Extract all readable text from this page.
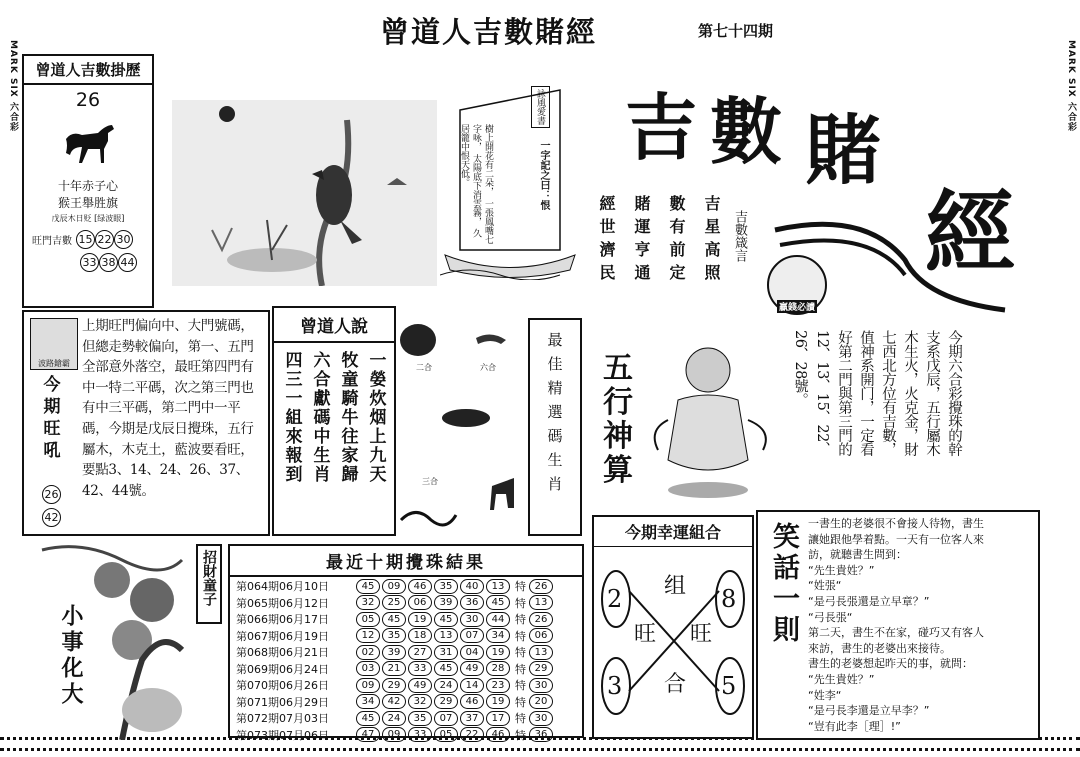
曾道人吉數賭經	第七十四期
MARK SIX 六合彩	MARK SIX 六合彩
曾道人吉數掛歷
26
十年赤子心
猴王舉胜旗
戊辰木日贬 [绿波眼]
旺門吉數 15 22 30
33 38 44
詠風愛書
樹上開花有二朵， 一張鳳嘴七字咏， 太陽底下消雲霧， 久居籠中恨天低。	一字記之曰：恨
吉 數 賭
經
吉數箴言
贏錢必讀
吉星高照
數有前定
賭運亨通
經世濟民
波路鎗霸
今期旺吼
26
42
上期旺門偏向中、大門號碼，但總走勢較偏向，第一、五門全部意外落空，最旺第四門有中一特二平碼，次之第三門也有中三平碼，第二門中一平碼，今期是戊辰日攪珠，五行屬木，木克土，藍波要看旺，要點3、14、24、26、37、42、44號。
曾道人說
一嫈炊烟上九天
牧童騎牛往家歸
六合獻碼中生肖
四三一組來報到	二合	六合
三合	最佳精選碼生肖 五行神算
今期六合彩攪珠的幹
支系戊辰，五行屬木
木生火，火克金，財
七西北方位有吉數，
值神系開门，一定看
好第二門與第三門的
12、13、15、22、
26、28號。
小事化大
招財童子	最近十期攪珠結果
第064期06月10日	45	09	46	35	40	13 特 26
第065期06月12日	32	25	06	39	36	45 特 13
第066期06月17日	05	45	19	45	30	44 特 26
第067期06月19日	12	35	18	13	07	34 特 06
第068期06月21日	02	39	27	31	04	19 特 13
第069期06月24日	03	21	33	45	49	28 特 29
第070期06月26日	09	29	49	24	14	23 特 30
第071期06月29日	34	42	32	29	46	19 特 20
第072期07月03日	45	24	35	07	37	17 特 30
第073期07月06日	47	09	33	05	22	46 特 36
今期幸運組合
2	8
3	5
组
旺 旺
合
笑話一則 一書生的老婆很不會接人待物，書生
讓她跟他學着點。一天有一位客人來
訪，就聽書生問到：
“先生貴姓？”
“姓張“
“是弓長張還是立早章？”
“弓長張“
第二天，書生不在家，碰巧又有客人
來訪，書生的老婆出來接待。
書生的老婆想起昨天的事，就問：
“先生貴姓？”
“姓李“
“是弓長李還是立早李？”
“豈有此李［理］!”
